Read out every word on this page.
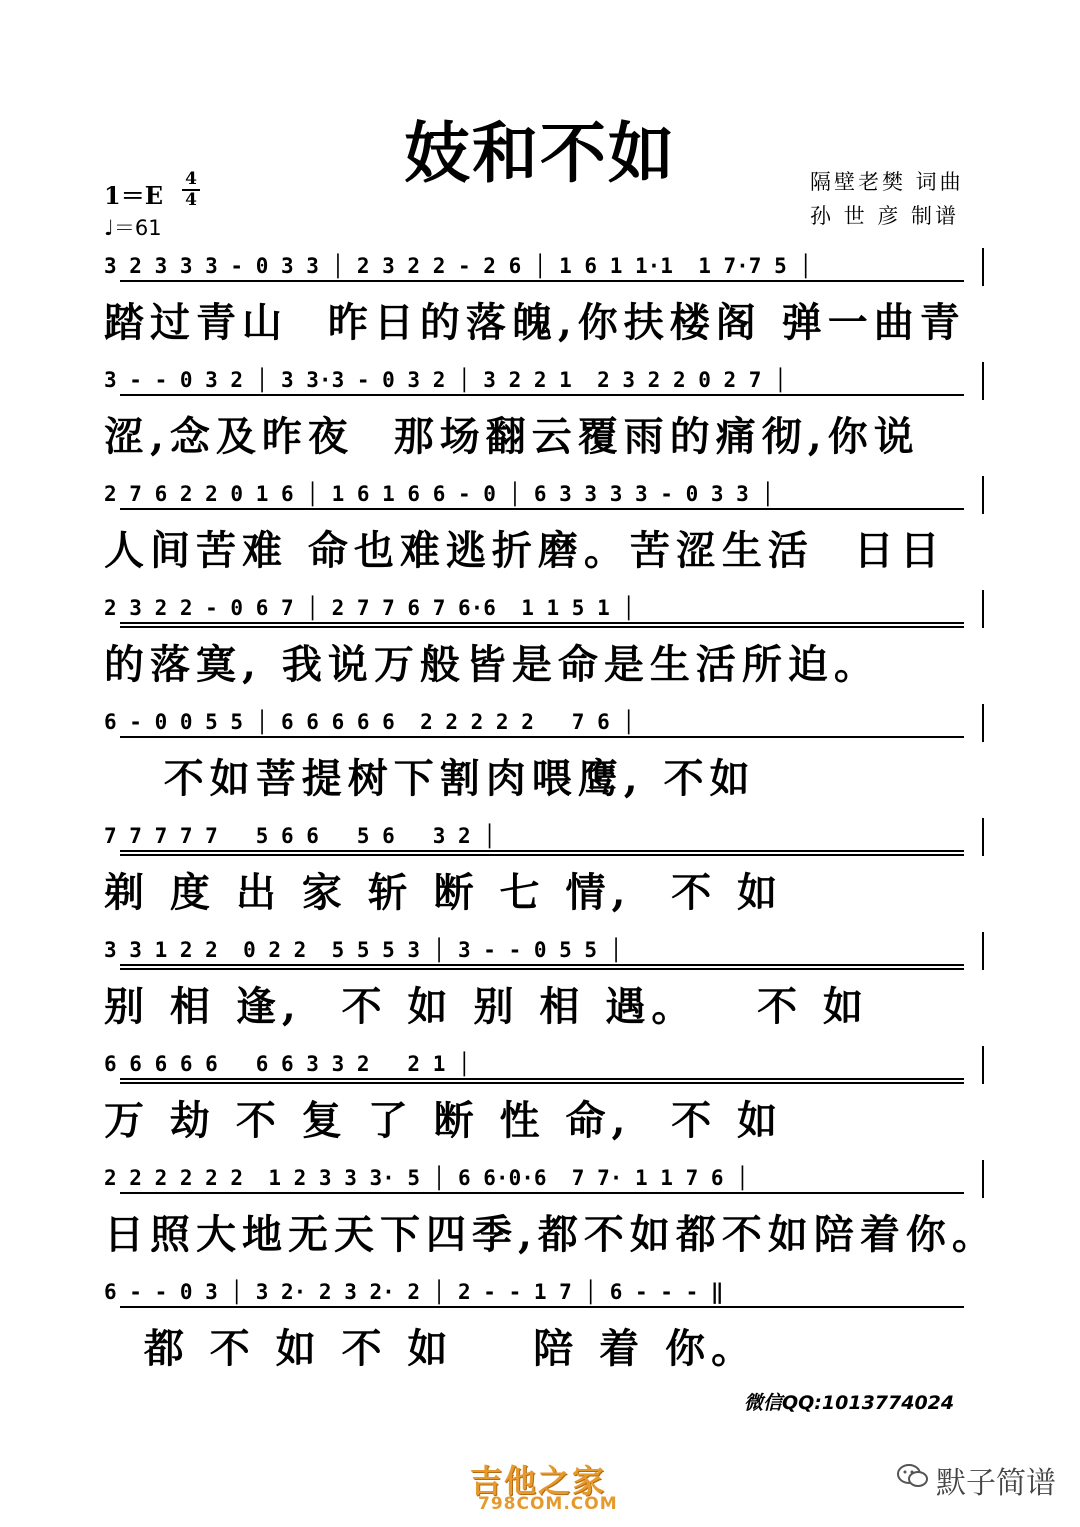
妓和不如
1＝E
4
4
♩＝61
隔壁老樊 词曲
孙 世 彦 制谱
3 2 3 3 3 - 0 3 3 │ 2 3 2 2 - 2 6 │ 1 6 1 1·1  1 7·7 5 │
踏过青山  昨日的落魄,你扶楼阁 弹一曲青
3 - - 0 3 2 │ 3 3·3 - 0 3 2 │ 3 2 2 1  2 3 2 2 0 2 7 │
涩,念及昨夜  那场翻云覆雨的痛彻,你说
2 7 6 2 2 0 1 6 │ 1 6 1 6 6 - 0 │ 6 3 3 3 3 - 0 3 3 │
人间苦难 命也难逃折磨。苦涩生活  日日
2 3 2 2 - 0 6 7 │ 2 7 7 6 7 6·6  1 1 5 1 │
的落寞, 我说万般皆是命是生活所迫。
6 - 0 0 5 5 │ 6 6 6 6 6  2 2 2 2 2   7 6 │
不如菩提树下割肉喂鹰, 不如
7 7 7 7 7   5 6 6   5 6   3 2 │
剃 度 出 家 斩 断 七 情,  不 如
3 3 1 2 2  0 2 2  5 5 5 3 │ 3 - - 0 5 5 │
别 相 逢,  不 如 别 相 遇。   不 如
6 6 6 6 6   6 6 3 3 2   2 1 │
万 劫 不 复 了 断 性 命,  不 如
2 2 2 2 2 2  1 2 3 3 3· 5 │ 6 6·0·6  7 7· 1 1 7 6 │
日照大地无天下四季,都不如都不如陪着你。
6 - - 0 3 │ 3 2· 2 3 2· 2 │ 2 - - 1 7 │ 6 - - - ‖
都 不 如 不 如    陪 着 你。
微信QQ:1013774024
吉他之家
798COM.COM
默子简谱
